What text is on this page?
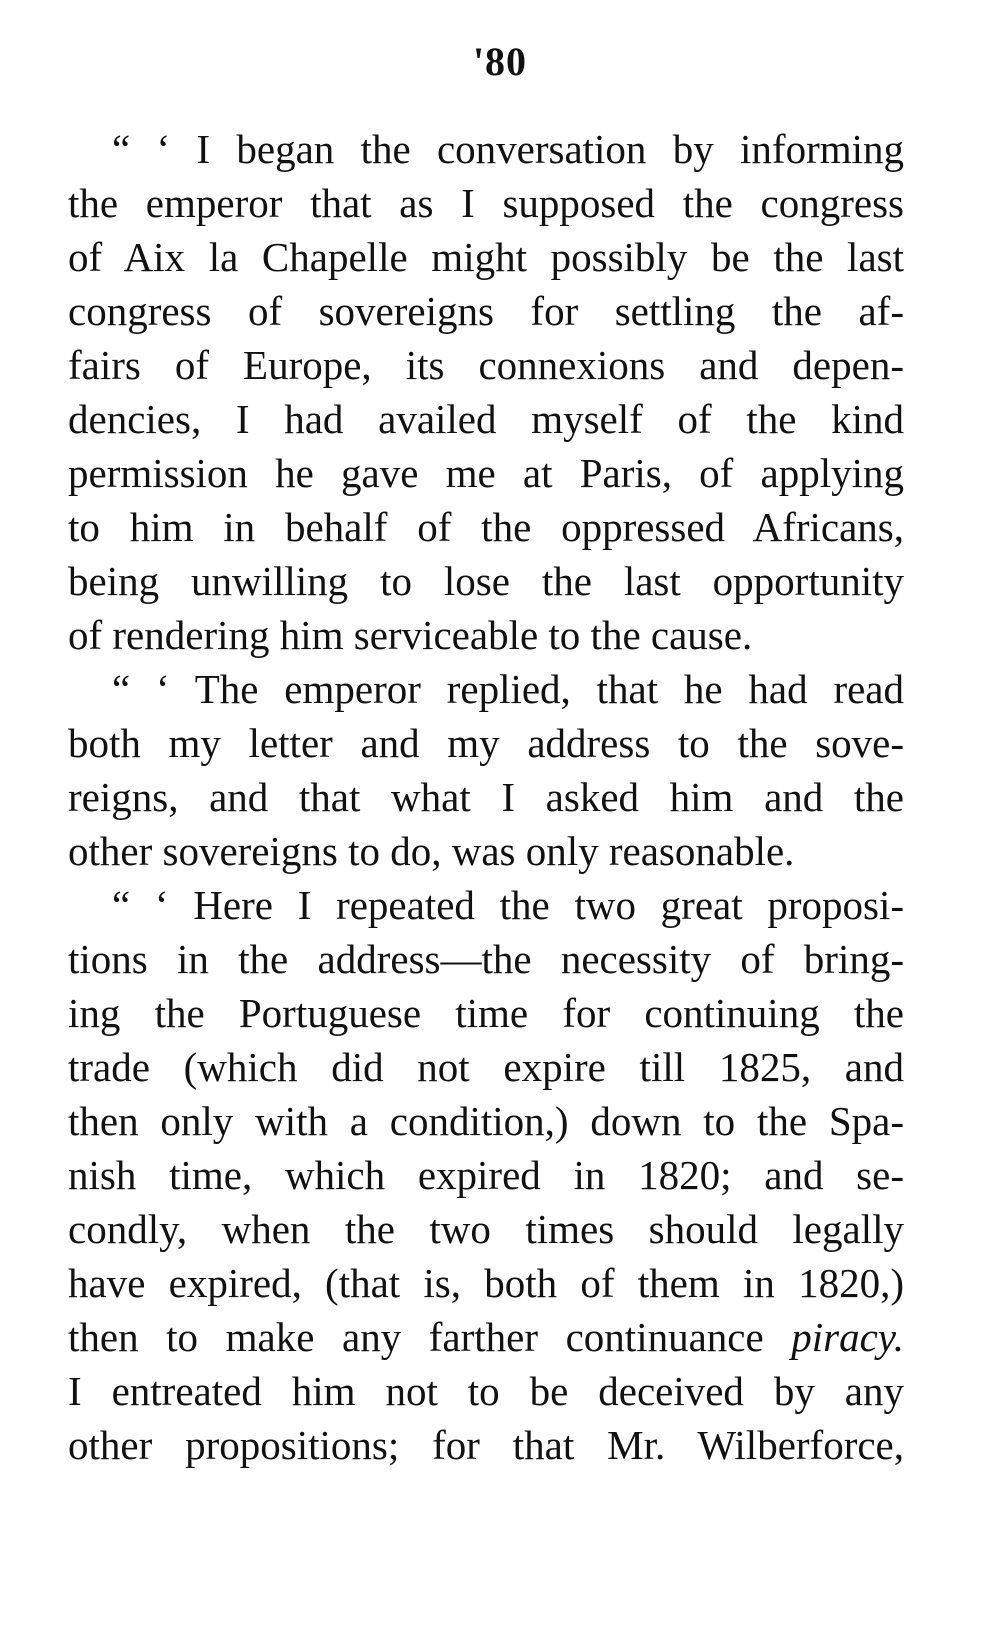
'80
“ ‘ I began the conversation by informing
the emperor that as I supposed the congress
of Aix la Chapelle might possibly be the last
congress of sovereigns for settling the af-
fairs of Europe, its connexions and depen-
dencies, I had availed myself of the kind
permission he gave me at Paris, of applying
to him in behalf of the oppressed Africans,
being unwilling to lose the last opportunity
of rendering him serviceable to the cause.
“ ‘ The emperor replied, that he had read
both my letter and my address to the sove-
reigns, and that what I asked him and the
other sovereigns to do, was only reasonable.
“ ‘ Here I repeated the two great proposi-
tions in the address—the necessity of bring-
ing the Portuguese time for continuing the
trade (which did not expire till 1825, and
then only with a condition,) down to the Spa-
nish time, which expired in 1820; and se-
condly, when the two times should legally
have expired, (that is, both of them in 1820,)
then to make any farther continuance piracy.
I entreated him not to be deceived by any
other propositions; for that Mr. Wilberforce,
